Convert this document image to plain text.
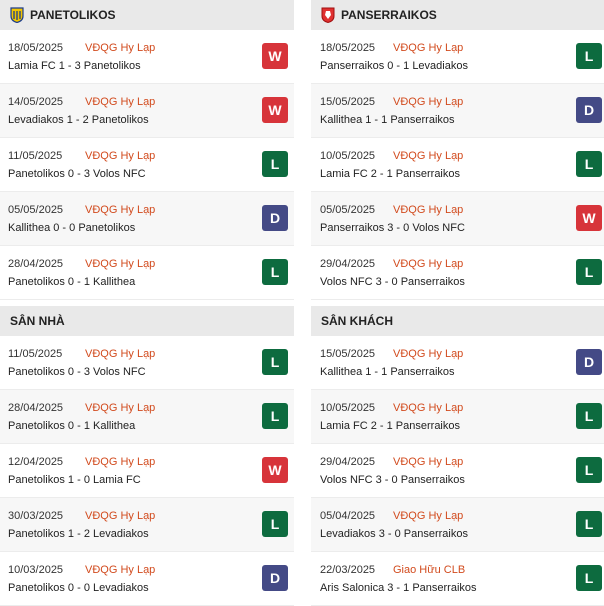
PANETOLIKOS
18/05/2025 VĐQG Hy Lạp
Lamia FC 1 - 3 Panetolikos
W
14/05/2025 VĐQG Hy Lạp
Levadiakos 1 - 2 Panetolikos
W
11/05/2025 VĐQG Hy Lạp
Panetolikos 0 - 3 Volos NFC
L
05/05/2025 VĐQG Hy Lạp
Kallithea 0 - 0 Panetolikos
D
28/04/2025 VĐQG Hy Lạp
Panetolikos 0 - 1 Kallithea
L
SÂN NHÀ
11/05/2025 VĐQG Hy Lạp
Panetolikos 0 - 3 Volos NFC
L
28/04/2025 VĐQG Hy Lạp
Panetolikos 0 - 1 Kallithea
L
12/04/2025 VĐQG Hy Lạp
Panetolikos 1 - 0 Lamia FC
W
30/03/2025 VĐQG Hy Lạp
Panetolikos 1 - 2 Levadiakos
L
10/03/2025 VĐQG Hy Lạp
Panetolikos 0 - 0 Levadiakos
D
PANSERRAIKOS
18/05/2025 VĐQG Hy Lạp
Panserraikos 0 - 1 Levadiakos
L
15/05/2025 VĐQG Hy Lạp
Kallithea 1 - 1 Panserraikos
D
10/05/2025 VĐQG Hy Lạp
Lamia FC 2 - 1 Panserraikos
L
05/05/2025 VĐQG Hy Lạp
Panserraikos 3 - 0 Volos NFC
W
29/04/2025 VĐQG Hy Lạp
Volos NFC 3 - 0 Panserraikos
L
SÂN KHÁCH
15/05/2025 VĐQG Hy Lạp
Kallithea 1 - 1 Panserraikos
D
10/05/2025 VĐQG Hy Lạp
Lamia FC 2 - 1 Panserraikos
L
29/04/2025 VĐQG Hy Lạp
Volos NFC 3 - 0 Panserraikos
L
05/04/2025 VĐQG Hy Lạp
Levadiakos 3 - 0 Panserraikos
L
22/03/2025 Giao Hữu CLB
Aris Salonica 3 - 1 Panserraikos
L
